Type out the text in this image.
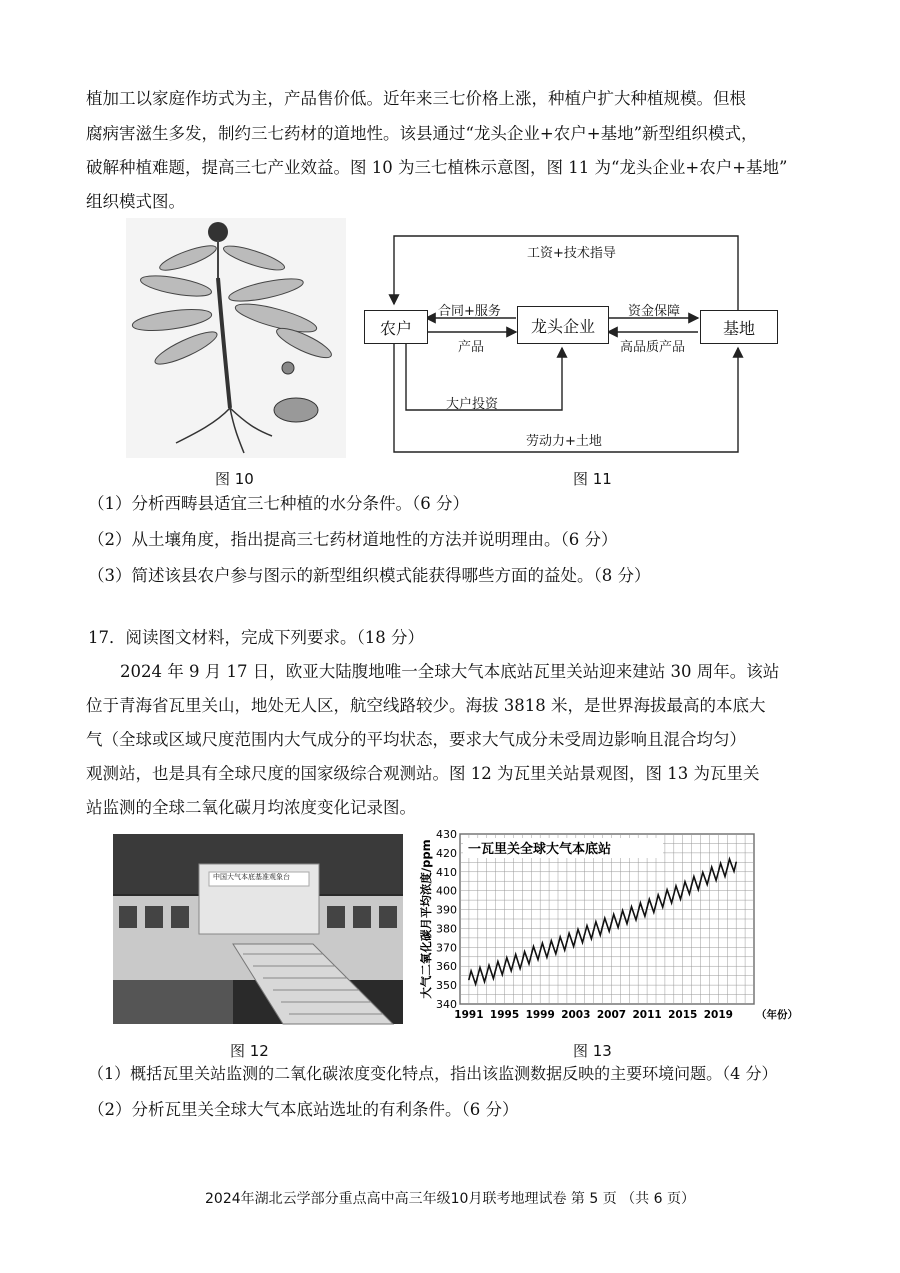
植加工以家庭作坊式为主，产品售价低。近年来三七价格上涨，种植户扩大种植规模。但根
腐病害滋生多发，制约三七药材的道地性。该县通过“龙头企业+农户+基地”新型组织模式，
破解种植难题，提高三七产业效益。图 10 为三七植株示意图，图 11 为“龙头企业+农户+基地”
组织模式图。
图 10
农户	龙头企业	基地
工资+技术指导
合同+服务
产品
资金保障
高品质产品
大户投资
劳动力+土地
图 11
（1）分析西畴县适宜三七种植的水分条件。（6 分）
（2）从土壤角度，指出提高三七药材道地性的方法并说明理由。（6 分）
（3）简述该县农户参与图示的新型组织模式能获得哪些方面的益处。（8 分）
17．阅读图文材料，完成下列要求。（18 分）
2024 年 9 月 17 日，欧亚大陆腹地唯一全球大气本底站瓦里关站迎来建站 30 周年。该站
位于青海省瓦里关山，地处无人区，航空线路较少。海拔 3818 米，是世界海拔最高的本底大
气（全球或区域尺度范围内大气成分的平均状态，要求大气成分未受周边影响且混合均匀）
观测站，也是具有全球尺度的国家级综合观测站。图 12 为瓦里关站景观图，图 13 为瓦里关
站监测的全球二氧化碳月均浓度变化记录图。
中国大气本底基准观象台
图 12
340
350
360
370
380
390
400
410
420
430
1991 1995 1999 2003 2007 2011 2015 2019 （年份）
大气二氧化碳月平均浓度/ppm	一瓦里关全球大气本底站
图 13
（1）概括瓦里关站监测的二氧化碳浓度变化特点，指出该监测数据反映的主要环境问题。（4 分）
（2）分析瓦里关全球大气本底站选址的有利条件。（6 分）
2024年湖北云学部分重点高中高三年级10月联考地理试卷 第 5 页 （共 6 页）
